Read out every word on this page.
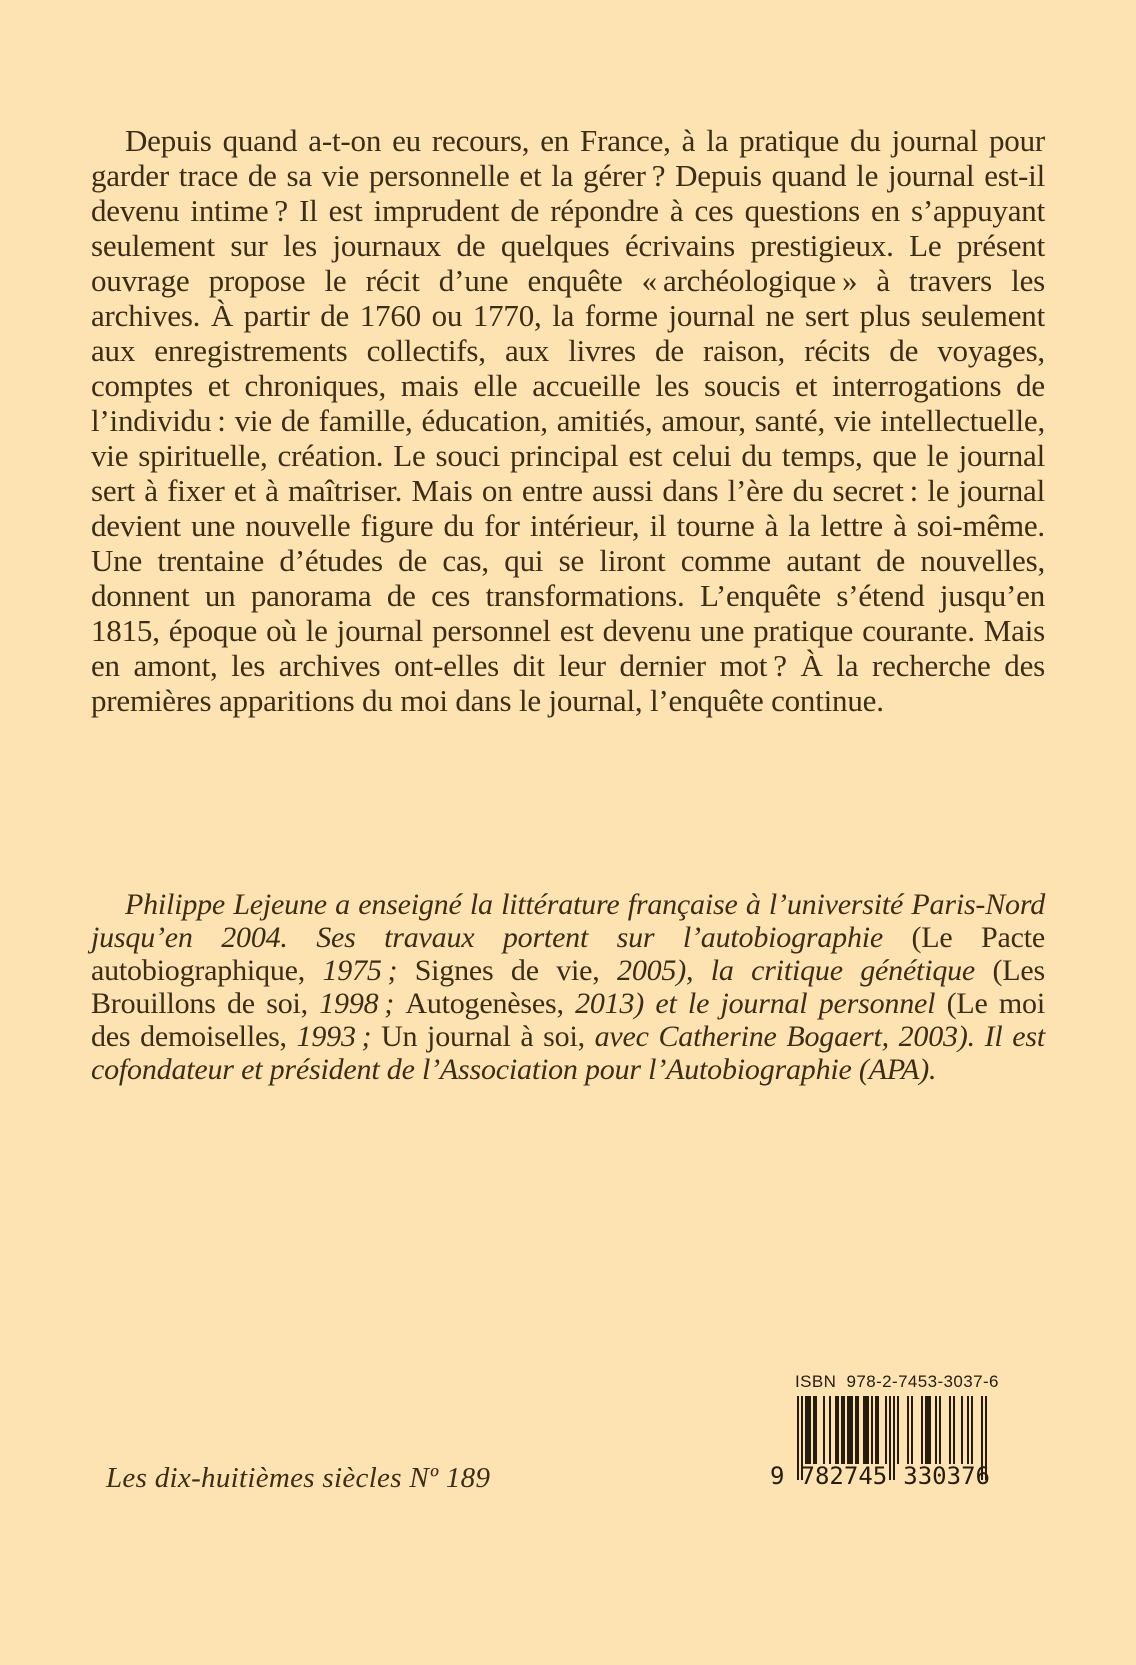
Depuis quand a-t-on eu recours, en France, à la pratique du journal pour garder trace de sa vie personnelle et la gérer ? Depuis quand le journal est-il devenu intime ? Il est imprudent de répondre à ces questions en s’appuyant seulement sur les journaux de quelques écrivains prestigieux. Le présent ouvrage propose le récit d’une enquête « archéologique » à travers les archives. À partir de 1760 ou 1770, la forme journal ne sert plus seulement aux enregistrements collectifs, aux livres de raison, récits de voyages, comptes et chroniques, mais elle accueille les soucis et interrogations de l’individu : vie de famille, éducation, amitiés, amour, santé, vie intellectuelle, vie spirituelle, création. Le souci principal est celui du temps, que le journal sert à fixer et à maîtriser. Mais on entre aussi dans l’ère du secret : le journal devient une nouvelle figure du for intérieur, il tourne à la lettre à soi-même. Une trentaine d’études de cas, qui se liront comme autant de nouvelles, donnent un panorama de ces transformations. L’enquête s’étend jusqu’en 1815, époque où le journal personnel est devenu une pratique courante. Mais en amont, les archives ont-elles dit leur dernier mot ? À la recherche des premières apparitions du moi dans le journal, l’enquête continue.

Philippe Lejeune a enseigné la littérature française à l’université Paris-Nord jusqu’en 2004. Ses travaux portent sur l’autobiographie (Le Pacte autobiographique, 1975 ; Signes de vie, 2005), la critique génétique (Les Brouillons de soi, 1998 ; Autogenèses, 2013) et le journal personnel (Le moi des demoiselles, 1993 ; Un journal à soi, avec Catherine Bogaert, 2003). Il est cofondateur et président de l’Association pour l’Autobiographie (APA).

ISBN  978-2-7453-3037-6
9 782745 330376
Les dix-huitièmes siècles Nº 189
